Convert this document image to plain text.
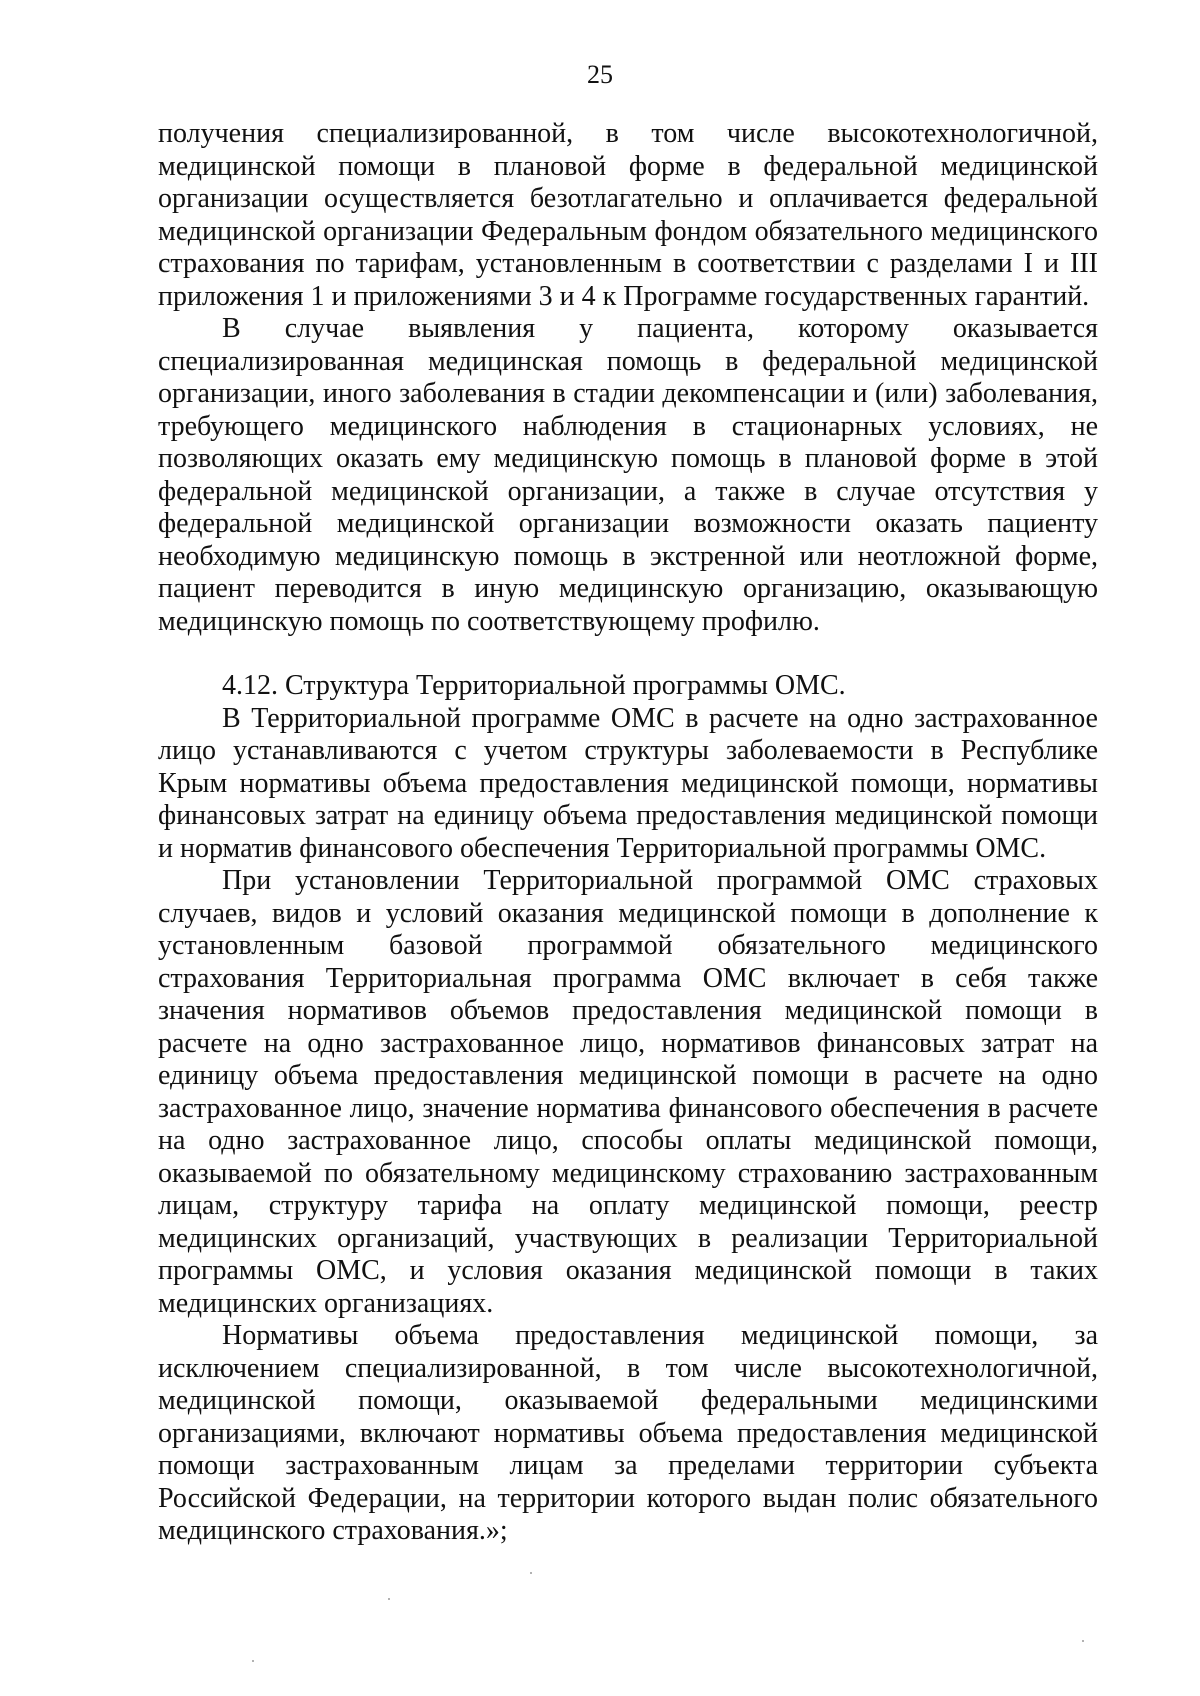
25

получения специализированной, в том числе высокотехнологичной, медицинской помощи в плановой форме в федеральной медицинской организации осуществляется безотлагательно и оплачивается федеральной медицинской организации Федеральным фондом обязательного медицинского страхования по тарифам, установленным в соответствии с разделами I и III приложения 1 и приложениями 3 и 4 к Программе государственных гарантий.

В случае выявления у пациента, которому оказывается специализированная медицинская помощь в федеральной медицинской организации, иного заболевания в стадии декомпенсации и (или) заболевания, требующего медицинского наблюдения в стационарных условиях, не позволяющих оказать ему медицинскую помощь в плановой форме в этой федеральной медицинской организации, а также в случае отсутствия у федеральной медицинской организации возможности оказать пациенту необходимую медицинскую помощь в экстренной или неотложной форме, пациент переводится в иную медицинскую организацию, оказывающую медицинскую помощь по соответствующему профилю.

4.12. Структура Территориальной программы ОМС.

В Территориальной программе ОМС в расчете на одно застрахованное лицо устанавливаются с учетом структуры заболеваемости в Республике Крым нормативы объема предоставления медицинской помощи, нормативы финансовых затрат на единицу объема предоставления медицинской помощи и норматив финансового обеспечения Территориальной программы ОМС.

При установлении Территориальной программой ОМС страховых случаев, видов и условий оказания медицинской помощи в дополнение к установленным базовой программой обязательного медицинского страхования Территориальная программа ОМС включает в себя также значения нормативов объемов предоставления медицинской помощи в расчете на одно застрахованное лицо, нормативов финансовых затрат на единицу объема предоставления медицинской помощи в расчете на одно застрахованное лицо, значение норматива финансового обеспечения в расчете на одно застрахованное лицо, способы оплаты медицинской помощи, оказываемой по обязательному медицинскому страхованию застрахованным лицам, структуру тарифа на оплату медицинской помощи, реестр медицинских организаций, участвующих в реализации Территориальной программы ОМС, и условия оказания медицинской помощи в таких медицинских организациях.

Нормативы объема предоставления медицинской помощи, за исключением специализированной, в том числе высокотехнологичной, медицинской помощи, оказываемой федеральными медицинскими организациями, включают нормативы объема предоставления медицинской помощи застрахованным лицам за пределами территории субъекта Российской Федерации, на территории которого выдан полис обязательного медицинского страхования.»;
